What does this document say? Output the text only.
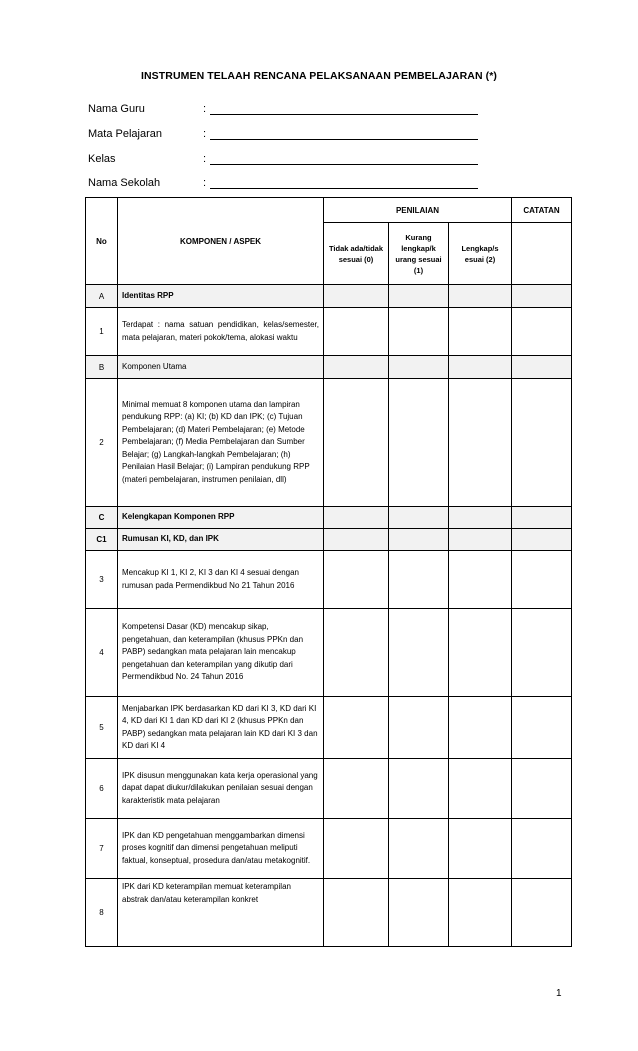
INSTRUMEN TELAAH RENCANA PELAKSANAAN PEMBELAJARAN (*)
Nama Guru	:
Mata Pelajaran	:
Kelas	:
Nama Sekolah	:
No	KOMPONEN / ASPEK	PENILAIAN			CATATAN
		Tidak ada/tidak sesuai (0)	Kurang lengkap/k urang sesuai (1)	Lengkap/s esuai (2)	
A	Identitas RPP				
1	Terdapat : nama satuan pendidikan, kelas/semester, mata pelajaran, materi pokok/tema, alokasi waktu				
B	Komponen Utama				
2	Minimal memuat 8 komponen utama dan lampiran pendukung RPP: (a) KI; (b) KD dan IPK; (c) Tujuan Pembelajaran; (d) Materi Pembelajaran; (e) Metode Pembelajaran; (f) Media Pembelajaran dan Sumber Belajar; (g) Langkah-langkah Pembelajaran; (h) Penilaian Hasil Belajar; (i) Lampiran pendukung RPP (materi pembelajaran, instrumen penilaian, dll)				
C	Kelengkapan Komponen RPP				
C1	Rumusan KI, KD, dan IPK				
3	Mencakup KI 1, KI 2, KI 3 dan KI 4 sesuai dengan rumusan pada Permendikbud No 21 Tahun 2016				
4	Kompetensi Dasar (KD) mencakup sikap, pengetahuan, dan keterampilan (khusus PPKn dan PABP) sedangkan mata pelajaran lain mencakup pengetahuan dan keterampilan yang dikutip dari Permendikbud No. 24 Tahun 2016				
5	Menjabarkan IPK berdasarkan KD dari KI 3, KD dari KI 4, KD dari KI 1 dan KD dari KI 2 (khusus PPKn dan PABP) sedangkan mata pelajaran lain KD dari KI 3 dan KD dari KI 4				
6	IPK disusun menggunakan kata kerja operasional yang dapat dapat diukur/dilakukan penilaian sesuai dengan karakteristik mata pelajaran				
7	IPK dan KD pengetahuan menggambarkan dimensi proses kognitif dan dimensi pengetahuan meliputi faktual, konseptual, prosedura dan/atau metakognitif.				
8	IPK dari KD keterampilan memuat keterampilan abstrak dan/atau keterampilan konkret				
1
